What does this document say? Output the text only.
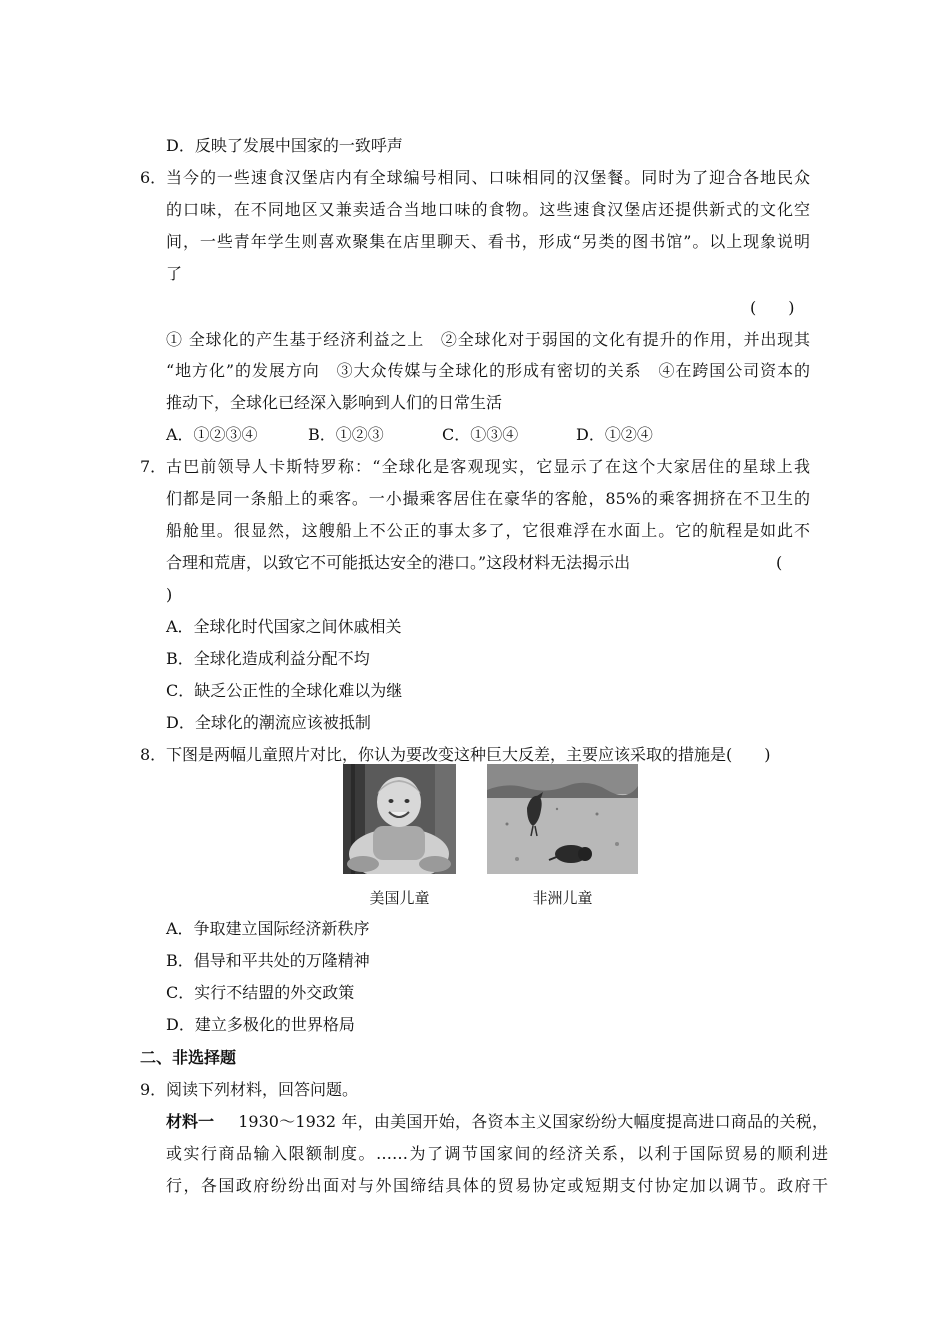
D．反映了发展中国家的一致呼声
6． 当今的一些速食汉堡店内有全球编号相同、口味相同的汉堡餐。同时为了迎合各地民众
的口味，在不同地区又兼卖适合当地口味的食物。这些速食汉堡店还提供新式的文化空
间，一些青年学生则喜欢聚集在店里聊天、看书，形成“另类的图书馆”。以上现象说明
了
(　　)
① 全球化的产生基于经济利益之上　②全球化对于弱国的文化有提升的作用，并出现其
“地方化”的发展方向　③大众传媒与全球化的形成有密切的关系　④在跨国公司资本的
推动下，全球化已经深入影响到人们的日常生活
A．①②③④	B．①②③	C．①③④	D．①②④
7． 古巴前领导人卡斯特罗称：“全球化是客观现实，它显示了在这个大家居住的星球上我
们都是同一条船上的乘客。一小撮乘客居住在豪华的客舱，85%的乘客拥挤在不卫生的
船舱里。很显然，这艘船上不公正的事太多了，它很难浮在水面上。它的航程是如此不
合理和荒唐，以致它不可能抵达安全的港口。”这段材料无法揭示出	(
)
A．全球化时代国家之间休戚相关
B．全球化造成利益分配不均
C．缺乏公正性的全球化难以为继
D．全球化的潮流应该被抵制
8． 下图是两幅儿童照片对比，你认为要改变这种巨大反差，主要应该采取的措施是(　　)
美国儿童	非洲儿童
A．争取建立国际经济新秩序
B．倡导和平共处的万隆精神
C．实行不结盟的外交政策
D．建立多极化的世界格局
二、非选择题
9． 阅读下列材料，回答问题。
材料一 　1930～1932 年，由美国开始，各资本主义国家纷纷大幅度提高进口商品的关税，
或实行商品输入限额制度。……为了调节国家间的经济关系，以利于国际贸易的顺利进
行，各国政府纷纷出面对与外国缔结具体的贸易协定或短期支付协定加以调节。政府干
